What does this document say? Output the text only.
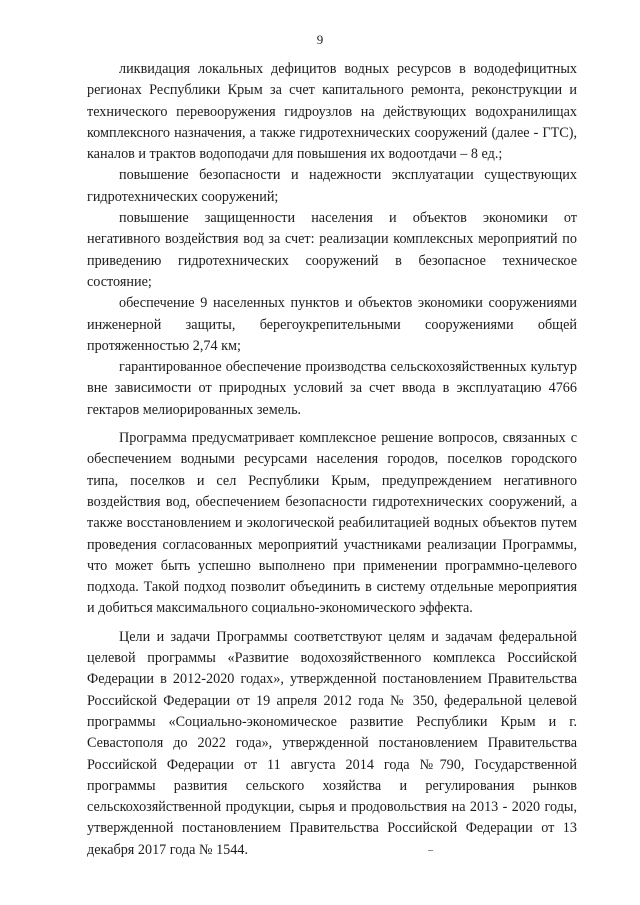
9

ликвидация локальных дефицитов водных ресурсов в вододефицитных регионах Республики Крым за счет капитального ремонта, реконструкции и технического перевооружения гидроузлов на действующих водохранилищах комплексного назначения, а также гидротехнических сооружений (далее - ГТС), каналов и трактов водоподачи для повышения их водоотдачи – 8 ед.;

повышение безопасности и надежности эксплуатации существующих гидротехнических сооружений;

повышение защищенности населения и объектов экономики от негативного воздействия вод за счет: реализации комплексных мероприятий по приведению гидротехнических сооружений в безопасное техническое состояние;

обеспечение 9 населенных пунктов и объектов экономики сооружениями инженерной защиты, берегоукрепительными сооружениями общей протяженностью 2,74 км;

гарантированное обеспечение производства сельскохозяйственных культур вне зависимости от природных условий за счет ввода в эксплуатацию 4766 гектаров мелиорированных земель.

Программа предусматривает комплексное решение вопросов, связанных с обеспечением водными ресурсами населения городов, поселков городского типа, поселков и сел Республики Крым, предупреждением негативного воздействия вод, обеспечением безопасности гидротехнических сооружений, а также восстановлением и экологической реабилитацией водных объектов путем проведения согласованных мероприятий участниками реализации Программы, что может быть успешно выполнено при применении программно-целевого подхода. Такой подход позволит объединить в систему отдельные мероприятия и добиться максимального социально-экономического эффекта.

Цели и задачи Программы соответствуют целям и задачам федеральной целевой программы «Развитие водохозяйственного комплекса Российской Федерации в 2012-2020 годах», утвержденной постановлением Правительства Российской Федерации от 19 апреля 2012 года № 350, федеральной целевой программы «Социально-экономическое развитие Республики Крым и г. Севастополя до 2022 года», утвержденной постановлением Правительства Российской Федерации от 11 августа 2014 года №790, Государственной программы развития сельского хозяйства и регулирования рынков сельскохозяйственной продукции, сырья и продовольствия на 2013 - 2020 годы, утвержденной постановлением Правительства Российской Федерации от 13 декабря 2017 года № 1544.
